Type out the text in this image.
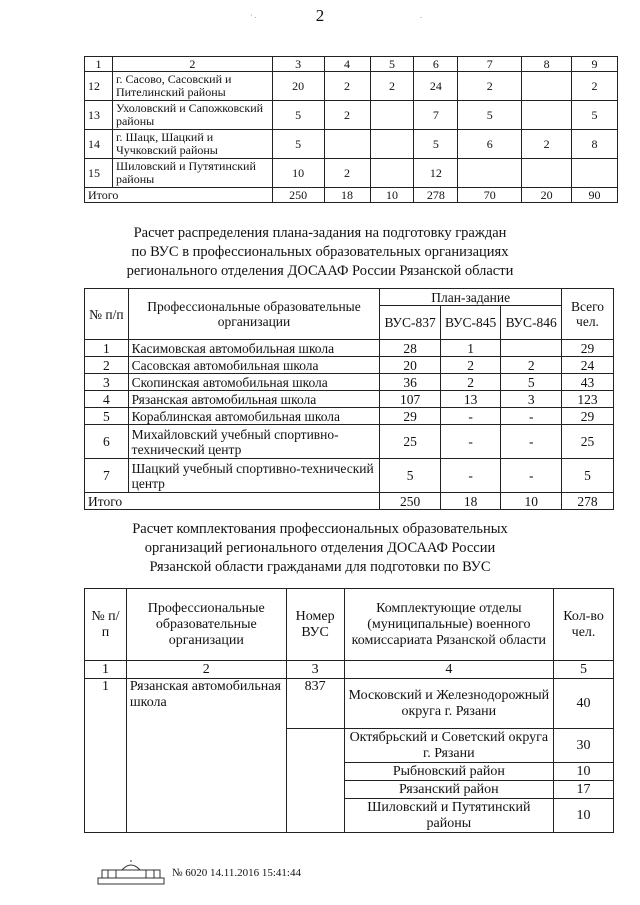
2
· .	.
1	2	3	4	5	6	7	8	9
12	г. Сасово, Сасовский и Пителинский районы	20	2	2	24	2		2
13	Ухоловский и Сапожковский районы	5	2		7	5		5
14	г. Шацк, Шацкий и Чучковский районы	5			5	6	2	8
15	Шиловский и Путятинский районы	10	2		12			
Итого		250	18	10	278	70	20	90
Расчет распределения плана-задания на подготовку граждан
по ВУС в профессиональных образовательных организациях
регионального отделения ДОСААФ России Рязанской области
№ п/п	Профессиональные образовательные организации	План-задание			Всего чел.
		ВУС-837	ВУС-845	ВУС-846	
1	Касимовская автомобильная школа	28	1		29
2	Сасовская автомобильная школа	20	2	2	24
3	Скопинская автомобильная школа	36	2	5	43
4	Рязанская автомобильная школа	107	13	3	123
5	Кораблинская автомобильная школа	29	-	-	29
6	Михайловский учебный спортивно-технический центр	25	-	-	25
7	Шацкий учебный спортивно-технический центр	5	-	-	5
Итого		250	18	10	278
Расчет комплектования профессиональных образовательных
организаций регионального отделения ДОСААФ России
Рязанской области гражданами для подготовки по ВУС
№ п/п	Профессиональные образовательные организации	Номер ВУС	Комплектующие отделы (муниципальные) военного комиссариата Рязанской области	Кол-во чел.
1	2	3	4	5
1	Рязанская автомобильная школа	837	Московский и Железнодорожный округа г. Рязани	40
			Октябрьский и Советский округа г. Рязани	30
			Рыбновский район	10
			Рязанский район	17
			Шиловский и Путятинский районы	10
№ 6020 14.11.2016 15:41:44
